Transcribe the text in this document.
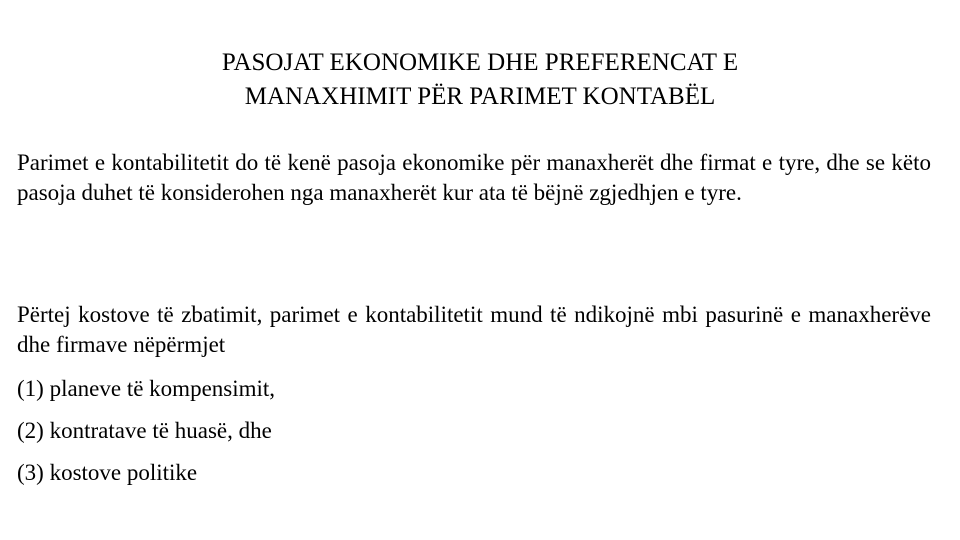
PASOJAT EKONOMIKE DHE PREFERENCAT E
MANAXHIMIT PËR PARIMET KONTABËL

Parimet e kontabilitetit do të kenë pasoja ekonomike për manaxherët dhe firmat e tyre, dhe se këto pasoja duhet të konsiderohen nga manaxherët kur ata të bëjnë zgjedhjen e tyre.

Përtej kostove të zbatimit, parimet e kontabilitetit mund të ndikojnë mbi pasurinë e manaxherëve dhe firmave nëpërmjet

(1) planeve të kompensimit,
(2) kontratave të huasë, dhe
(3) kostove politike
